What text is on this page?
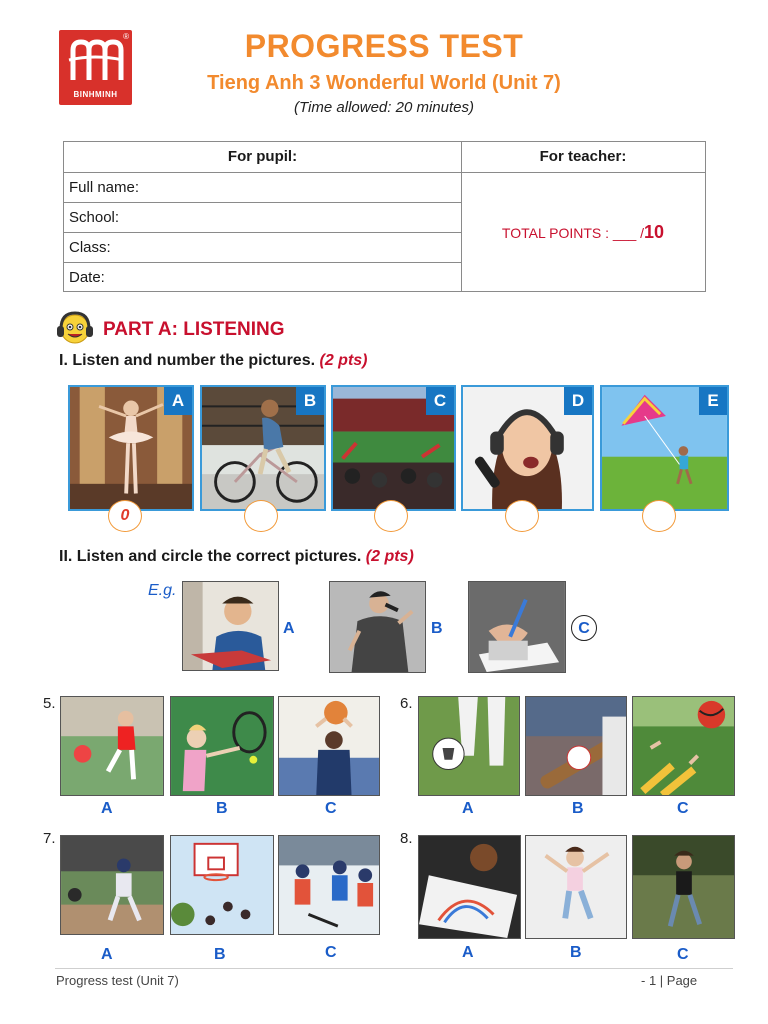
®
BINHMINH
PROGRESS TEST
Tieng Anh 3 Wonderful World (Unit 7)
(Time allowed: 20 minutes)
For pupil:
Full name:
School:
Class:
Date:
For teacher:
TOTAL POINTS : ___ /10
PART A: LISTENING
I. Listen and number the pictures. (2 pts)
A	B	C	D	E
0
II. Listen and circle the correct pictures. (2 pts)
E.g.
A	B	C
5.
A	B	C
6.
A	B	C
7.
A	B	C
8.
A	B	C
Progress test (Unit 7)	- 1 | Page
